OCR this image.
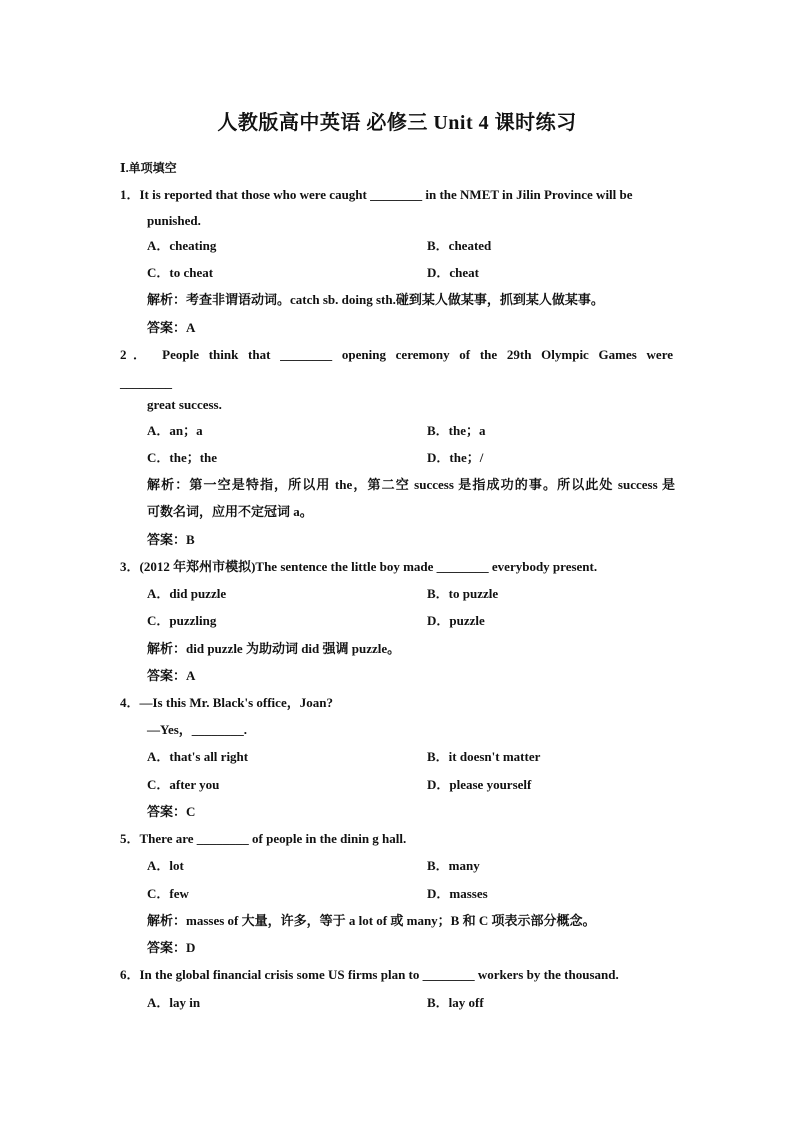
人教版高中英语 必修三 Unit 4 课时练习
Ⅰ.单项填空
1．It is reported that those who were caught ________ in the NMET in Jilin Province will be
punished.
A．cheating	B．cheated
C．to cheat	D．cheat
解析：考查非谓语动词。catch sb. doing sth.碰到某人做某事，抓到某人做某事。
答案：A
2． People think that ________ opening ceremony of the 29th Olympic Games were
________
great success.
A．an；a	B．the；a
C．the；the	D．the；/
解析：第一空是特指，所以用 the，第二空 success 是指成功的事。所以此处 success 是
可数名词，应用不定冠词 a。
答案：B
3．(2012 年郑州市模拟)The sentence the little boy made ________ everybody present.
A．did puzzle	B．to puzzle
C．puzzling	D．puzzle
解析：did puzzle 为助动词 did 强调 puzzle。
答案：A
4．—Is this Mr. Black's office，Joan?
—Yes，________.
A．that's all right	B．it doesn't matter
C．after you	D．please yourself
答案：C
5．There are ________ of people in the dinin g hall.
A．lot	B．many
C．few	D．masses
解析：masses of 大量，许多，等于 a lot of 或 many；B 和 C 项表示部分概念。
答案：D
6．In the global financial crisis some US firms plan to ________ workers by the thousand.
A．lay in	B．lay off
